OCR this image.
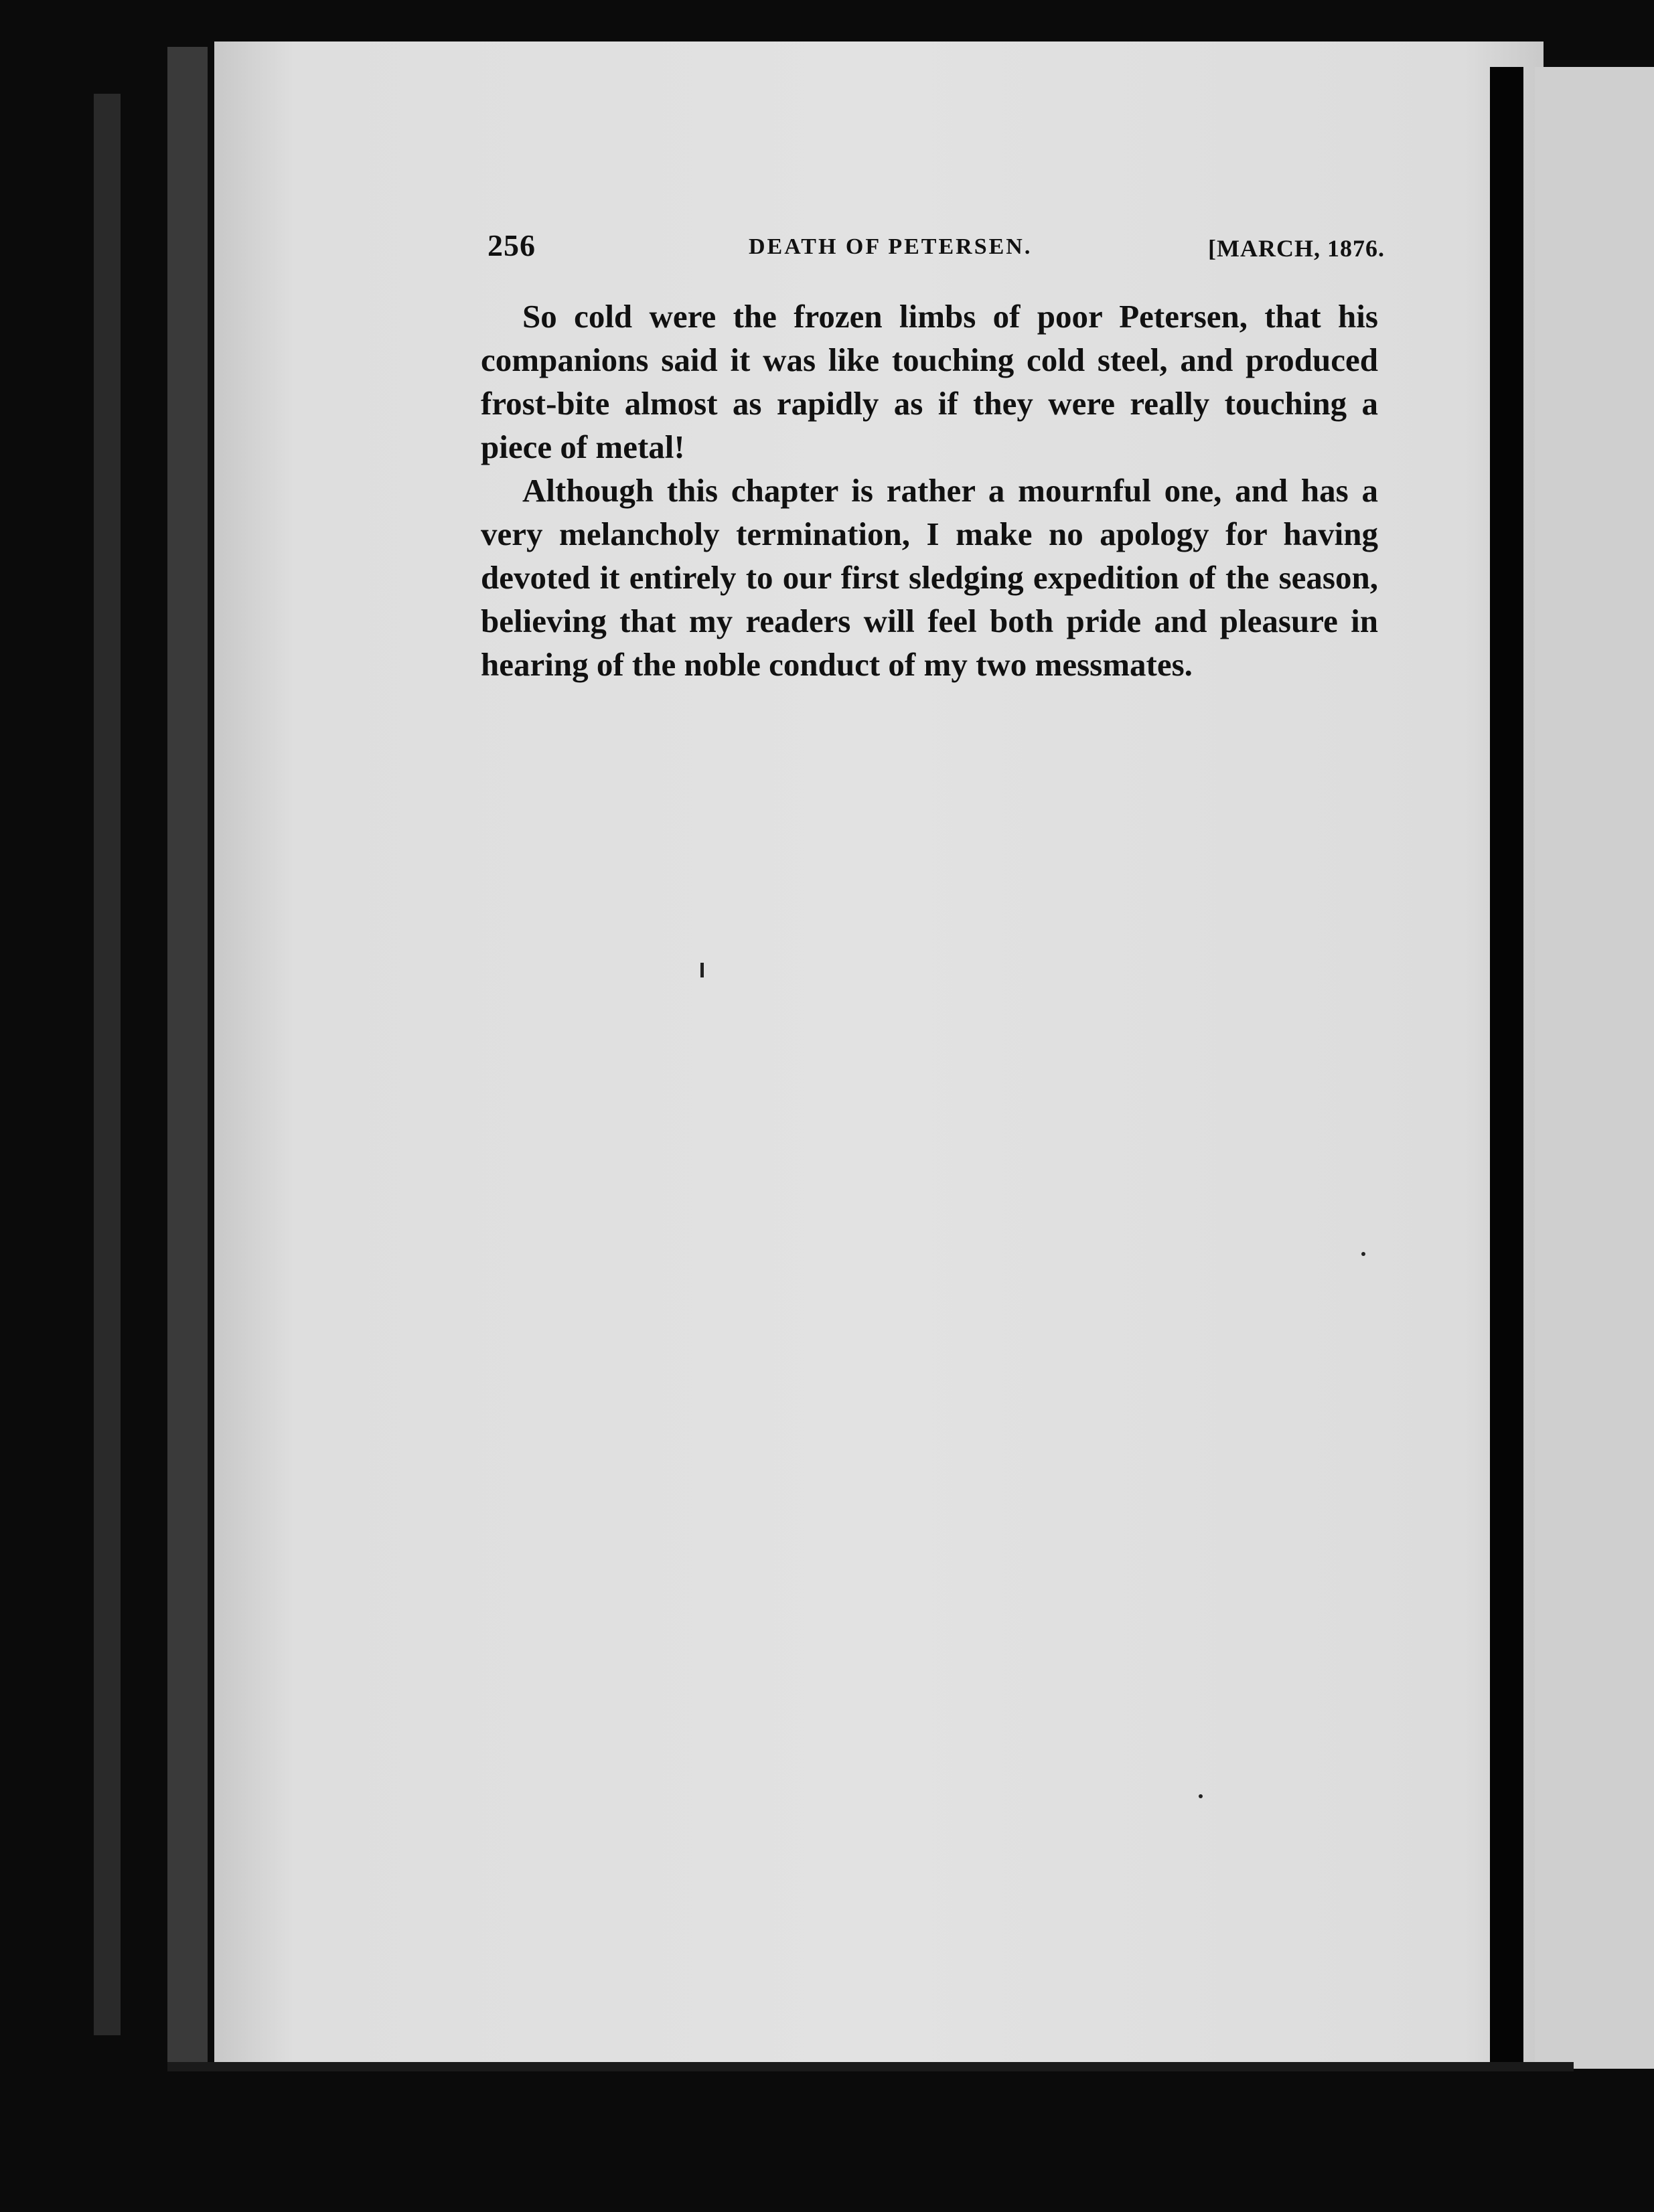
256	DEATH OF PETERSEN.	[MARCH, 1876.

So cold were the frozen limbs of poor Petersen, that his companions said it was like touching cold steel, and produced frost-bite almost as rapidly as if they were really touching a piece of metal!

Although this chapter is rather a mournful one, and has a very melancholy termination, I make no apology for having devoted it entirely to our first sledging expedition of the season, believing that my readers will feel both pride and pleasure in hearing of the noble conduct of my two messmates.
